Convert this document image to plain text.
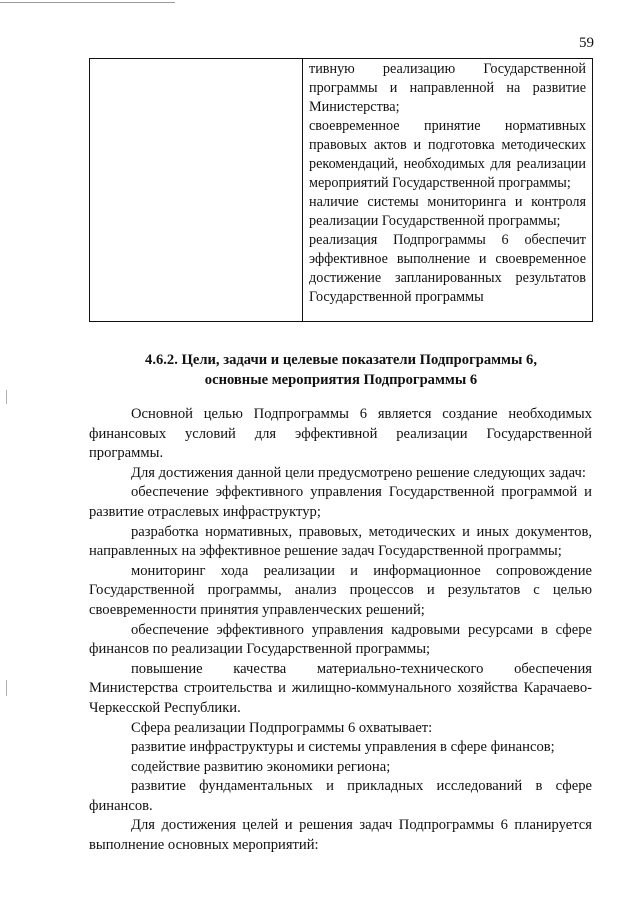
59

тивную реализацию Государственной программы и направленной на развитие Министерства;

своевременное принятие нормативных правовых актов и подготовка методических рекомендаций, необходимых для реализации мероприятий Государственной программы;

наличие системы мониторинга и контроля реализации Государственной программы;

реализация Подпрограммы 6 обеспечит эффективное выполнение и своевременное достижение запланированных результатов Государственной программы

4.6.2. Цели, задачи и целевые показатели Подпрограммы 6,
основные мероприятия Подпрограммы 6

Основной целью Подпрограммы 6 является создание необходимых финансовых условий для эффективной реализации Государственной программы.

Для достижения данной цели предусмотрено решение следующих задач:

обеспечение эффективного управления Государственной программой и развитие отраслевых инфраструктур;

разработка нормативных, правовых, методических и иных документов, направленных на эффективное решение задач Государственной программы;

мониторинг хода реализации и информационное сопровождение Государственной программы, анализ процессов и результатов с целью своевременности принятия управленческих решений;

обеспечение эффективного управления кадровыми ресурсами в сфере финансов по реализации Государственной программы;

повышение качества материально-технического обеспечения Министерства строительства и жилищно-коммунального хозяйства Карачаево-Черкесской Республики.

Сфера реализации Подпрограммы 6 охватывает:

развитие инфраструктуры и системы управления в сфере финансов;

содействие развитию экономики региона;

развитие фундаментальных и прикладных исследований в сфере финансов.

Для достижения целей и решения задач Подпрограммы 6 планируется выполнение основных мероприятий:
